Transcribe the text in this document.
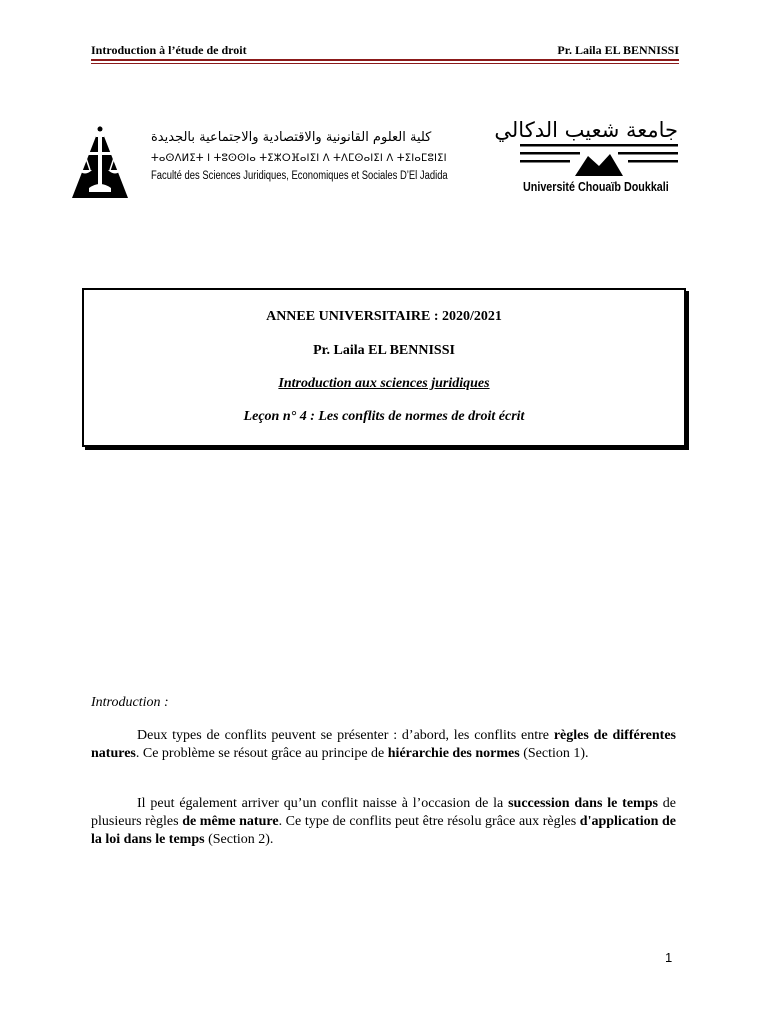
Introduction à l’étude de droit	Pr. Laila EL BENNISSI
كلية العلوم القانونية والاقتصادية والاجتماعية بالجديدة
ⵜⴰⵙⴷⵍⵉⵜ ⵏ ⵜⵓⵙⵙⵏⴰ ⵜⵉⵣⵔⴼⴰⵏⵉⵏ ⴷ ⵜⴷⵎⵙⴰⵏⵉⵏ ⴷ ⵜⵉⵏⴰⵎⵓⵏⵉⵏ
Faculté des Sciences Juridiques, Economiques et Sociales D’El Jadida
جامعة شعيب الدكالي
Université Chouaïb Doukkali
ANNEE UNIVERSITAIRE : 2020/2021
Pr. Laila EL BENNISSI
Introduction aux sciences juridiques
Leçon n° 4 : Les conflits de normes de droit écrit
Introduction :

Deux types de conflits peuvent se présenter : d’abord, les conflits entre règles de différentes natures. Ce problème se résout grâce au principe de hiérarchie des normes (Section 1).

Il peut également arriver qu’un conflit naisse à l’occasion de la succession dans le temps de plusieurs règles de même nature. Ce type de conflits peut être résolu grâce aux règles d'application de la loi dans le temps (Section 2).

1
